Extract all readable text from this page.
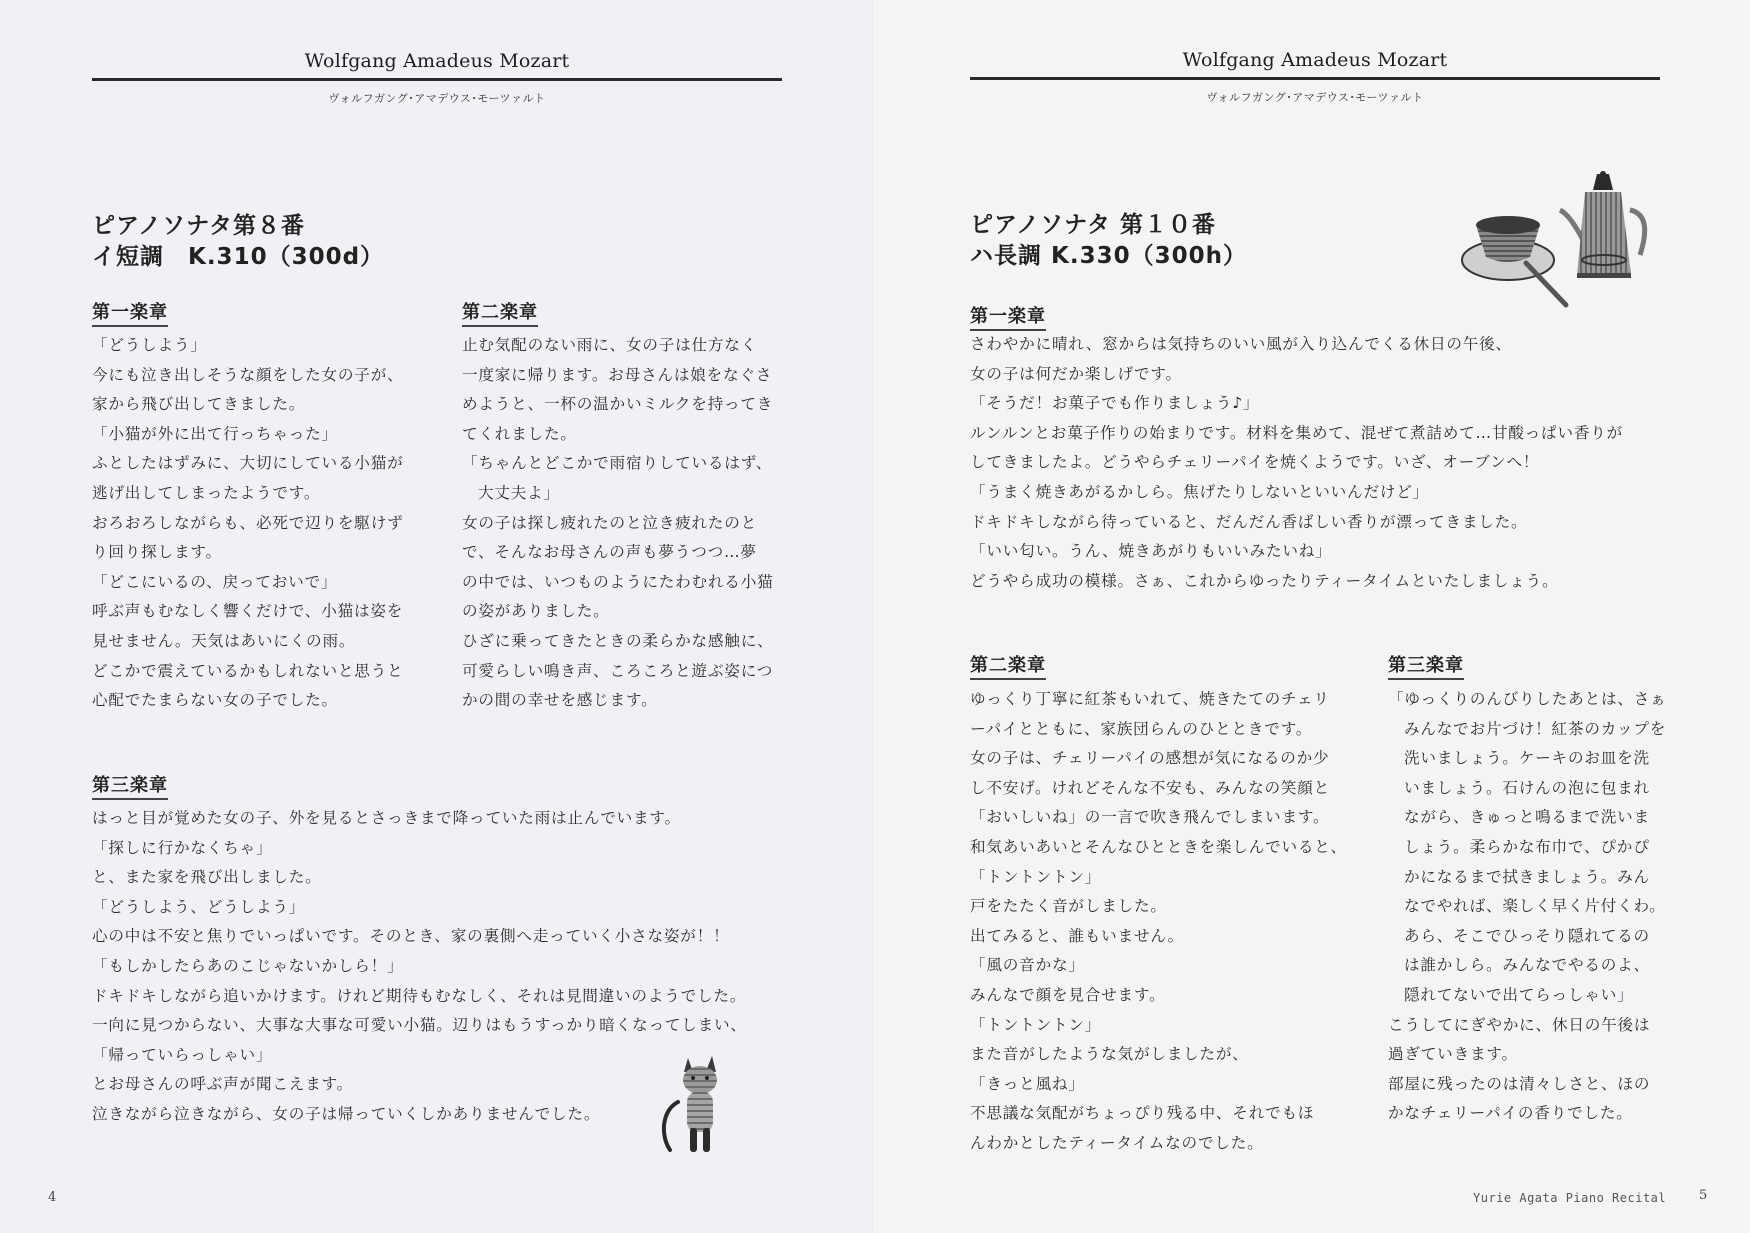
Wolfgang Amadeus Mozart
ヴォルフガング･アマデウス･モーツァルト
ピアノソナタ第８番
イ短調　K.310（300d）
第一楽章
「どうしよう」
今にも泣き出しそうな顔をした女の子が、
家から飛び出してきました。
「小猫が外に出て行っちゃった」
ふとしたはずみに、大切にしている小猫が
逃げ出してしまったようです。
おろおろしながらも、必死で辺りを駆けず
り回り探します。
「どこにいるの、戻っておいで」
呼ぶ声もむなしく響くだけで、小猫は姿を
見せません。天気はあいにくの雨。
どこかで震えているかもしれないと思うと
心配でたまらない女の子でした。
第二楽章
止む気配のない雨に、女の子は仕方なく
一度家に帰ります。お母さんは娘をなぐさ
めようと、一杯の温かいミルクを持ってき
てくれました。
「ちゃんとどこかで雨宿りしているはず、
大丈夫よ」
女の子は探し疲れたのと泣き疲れたのと
で、そんなお母さんの声も夢うつつ…夢
の中では、いつものようにたわむれる小猫
の姿がありました。
ひざに乗ってきたときの柔らかな感触に、
可愛らしい鳴き声、ころころと遊ぶ姿につ
かの間の幸せを感じます。
第三楽章
はっと目が覚めた女の子、外を見るとさっきまで降っていた雨は止んでいます。
「探しに行かなくちゃ」
と、また家を飛び出しました。
「どうしよう、どうしよう」
心の中は不安と焦りでいっぱいです。そのとき、家の裏側へ走っていく小さな姿が！！
「もしかしたらあのこじゃないかしら！」
ドキドキしながら追いかけます。けれど期待もむなしく、それは見間違いのようでした。
一向に見つからない、大事な大事な可愛い小猫。辺りはもうすっかり暗くなってしまい、
「帰っていらっしゃい」
とお母さんの呼ぶ声が聞こえます。
泣きながら泣きながら、女の子は帰っていくしかありませんでした。
4
Wolfgang Amadeus Mozart
ヴォルフガング･アマデウス･モーツァルト
ピアノソナタ 第１０番
ハ長調 K.330（300h）
第一楽章
さわやかに晴れ、窓からは気持ちのいい風が入り込んでくる休日の午後、
女の子は何だか楽しげです。
「そうだ！お菓子でも作りましょう♪」
ルンルンとお菓子作りの始まりです。材料を集めて、混ぜて煮詰めて…甘酸っぱい香りが
してきましたよ。どうやらチェリーパイを焼くようです。いざ、オーブンへ！
「うまく焼きあがるかしら。焦げたりしないといいんだけど」
ドキドキしながら待っていると、だんだん香ばしい香りが漂ってきました。
「いい匂い。うん、焼きあがりもいいみたいね」
どうやら成功の模様。さぁ、これからゆったりティータイムといたしましょう。
第二楽章
ゆっくり丁寧に紅茶もいれて、焼きたてのチェリ
ーパイとともに、家族団らんのひとときです。
女の子は、チェリーパイの感想が気になるのか少
し不安げ。けれどそんな不安も、みんなの笑顔と
「おいしいね」の一言で吹き飛んでしまいます。
和気あいあいとそんなひとときを楽しんでいると、
「トントントン」
戸をたたく音がしました。
出てみると、誰もいません。
「風の音かな」
みんなで顔を見合せます。
「トントントン」
また音がしたような気がしましたが、
「きっと風ね」
不思議な気配がちょっぴり残る中、それでもほ
んわかとしたティータイムなのでした。
第三楽章
「ゆっくりのんびりしたあとは、さぁ
みんなでお片づけ！紅茶のカップを
洗いましょう。ケーキのお皿を洗
いましょう。石けんの泡に包まれ
ながら、きゅっと鳴るまで洗いま
しょう。柔らかな布巾で、ぴかぴ
かになるまで拭きましょう。みん
なでやれば、楽しく早く片付くわ。
あら、そこでひっそり隠れてるの
は誰かしら。みんなでやるのよ、
隠れてないで出てらっしゃい」
こうしてにぎやかに、休日の午後は
過ぎていきます。
部屋に残ったのは清々しさと、ほの
かなチェリーパイの香りでした。
Yurie Agata Piano Recital	5
